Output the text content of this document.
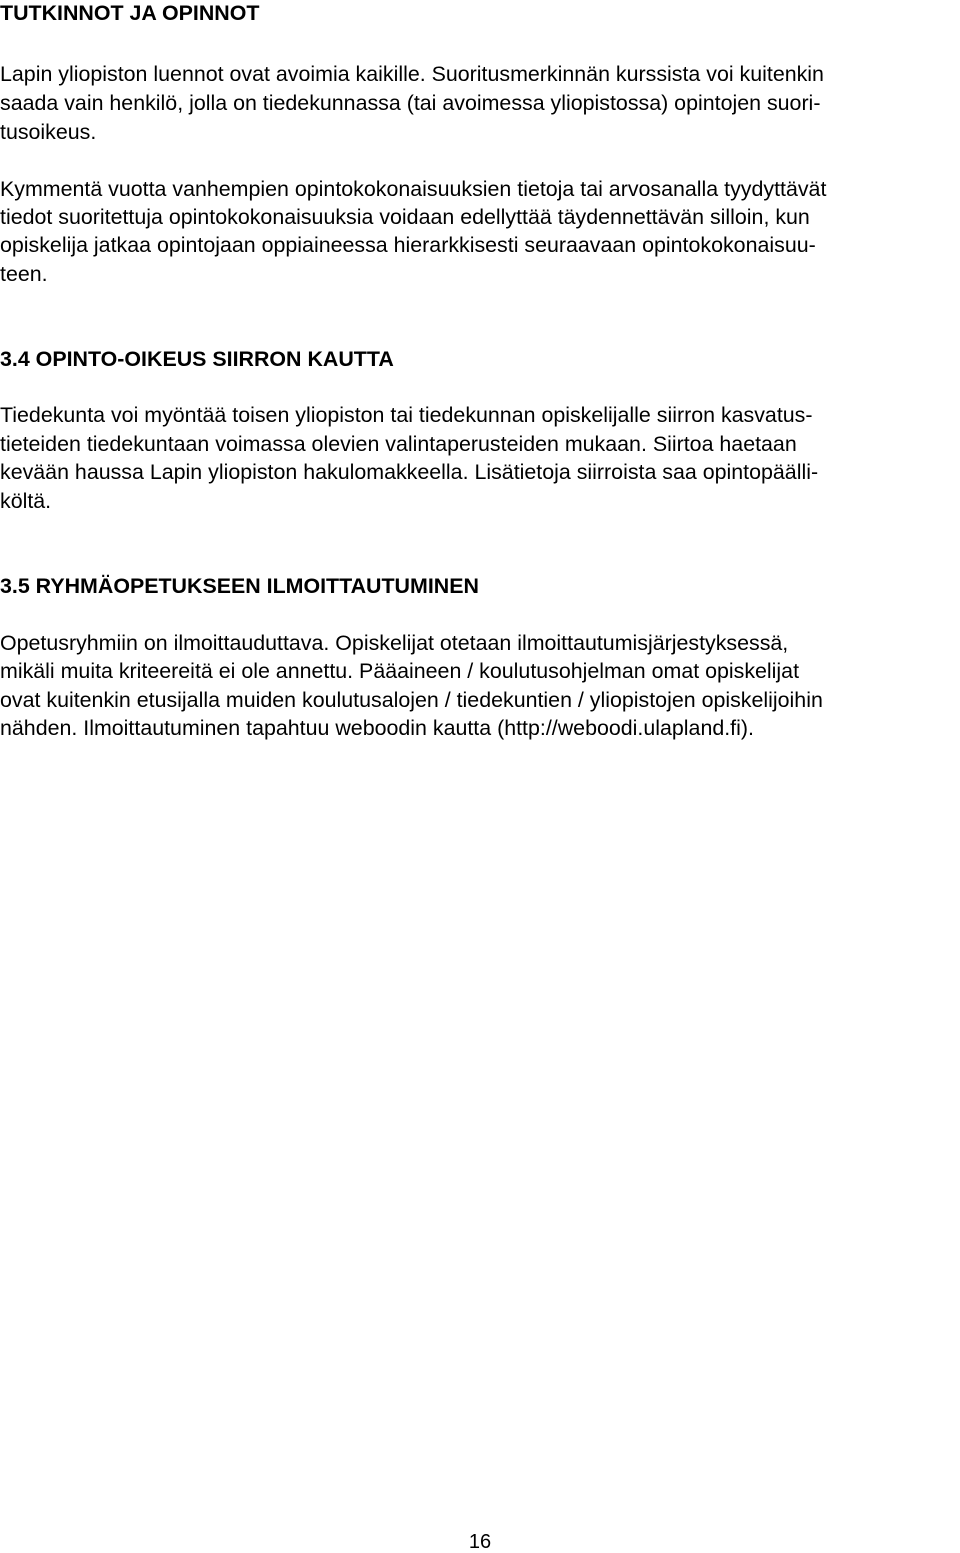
TUTKINNOT JA OPINNOT
Lapin yliopiston luennot ovat avoimia kaikille. Suoritusmerkinnän kurssista voi kuitenkin
saada vain henkilö, jolla on tiedekunnassa (tai avoimessa yliopistossa) opintojen suori-
tusoikeus.
Kymmentä vuotta vanhempien opintokokonaisuuksien tietoja tai arvosanalla tyydyttävät
tiedot suoritettuja opintokokonaisuuksia voidaan edellyttää täydennettävän silloin, kun
opiskelija jatkaa opintojaan oppiaineessa hierarkkisesti seuraavaan opintokokonaisuu-
teen.
3.4 OPINTO-OIKEUS SIIRRON KAUTTA
Tiedekunta voi myöntää toisen yliopiston tai tiedekunnan opiskelijalle siirron kasvatus-
tieteiden tiedekuntaan voimassa olevien valintaperusteiden mukaan. Siirtoa haetaan
kevään haussa Lapin yliopiston hakulomakkeella. Lisätietoja siirroista saa opintopäälli-
költä.
3.5 RYHMÄOPETUKSEEN ILMOITTAUTUMINEN
Opetusryhmiin on ilmoittauduttava. Opiskelijat otetaan ilmoittautumisjärjestyksessä,
mikäli muita kriteereitä ei ole annettu. Pääaineen / koulutusohjelman omat opiskelijat
ovat kuitenkin etusijalla muiden koulutusalojen / tiedekuntien / yliopistojen opiskelijoihin
nähden. Ilmoittautuminen tapahtuu weboodin kautta (http://weboodi.ulapland.fi).
16
